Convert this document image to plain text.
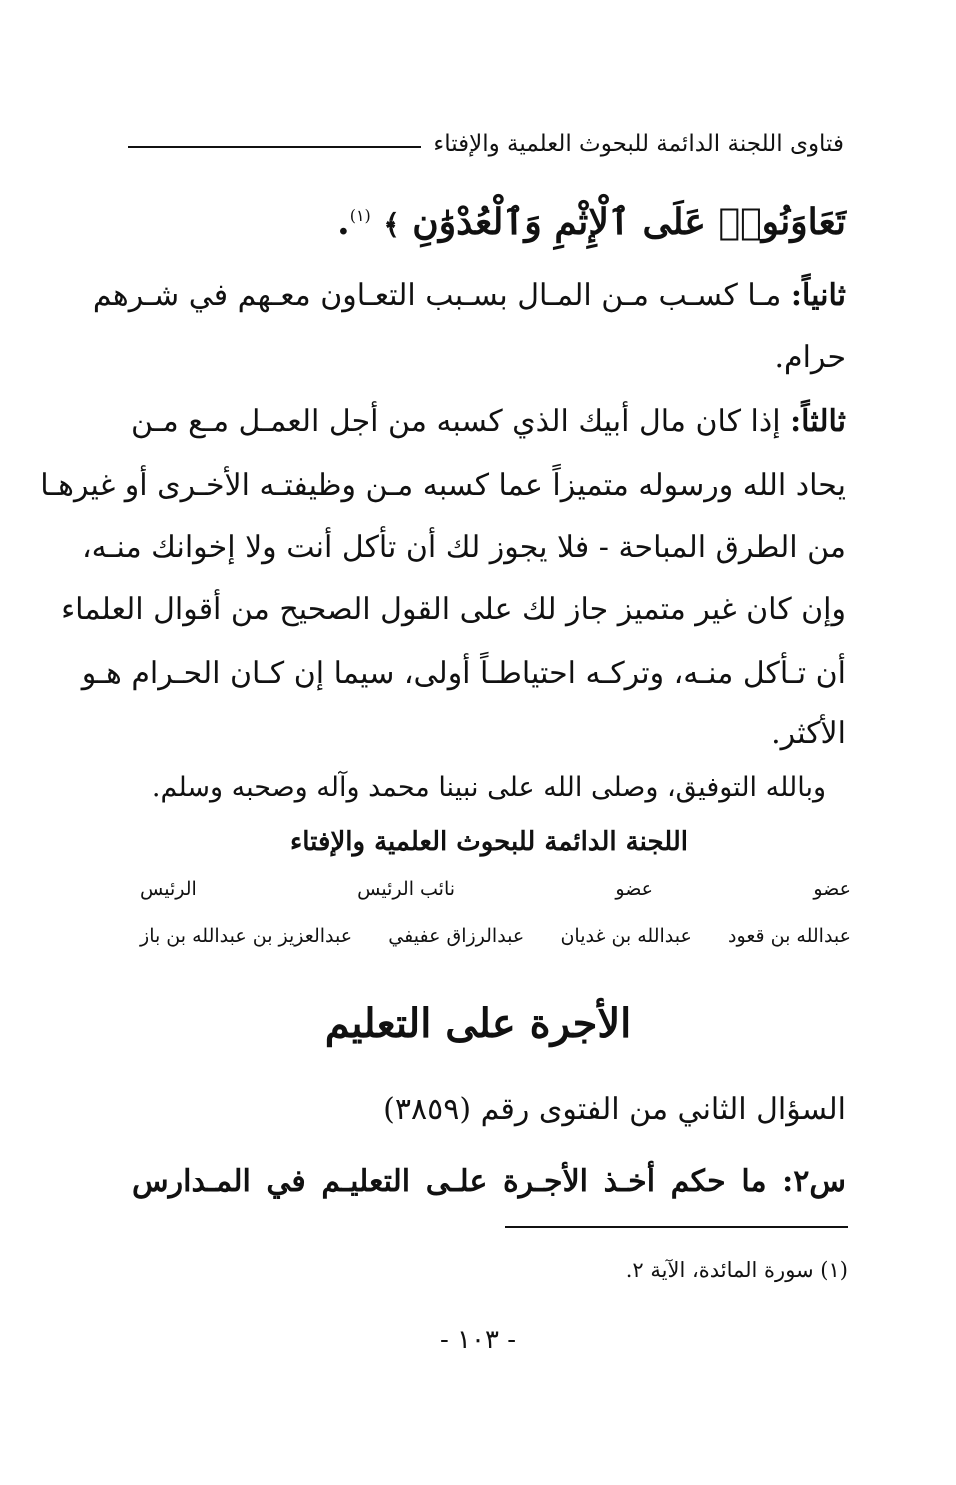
فتاوى اللجنة الدائمة للبحوث العلمية والإفتاء
تَعَاوَنُوا۟ عَلَى ٱلْإِثْمِ وَٱلْعُدْوَٰنِ ﴾ $^{(١)}$.
ثانياً: مـا كسـب مـن المـال بسـبب التعـاون معـهم في شـرهم
حرام.
ثالثاً: إذا كان مال أبيك الذي كسبه من أجل العمـل مـع مـن
يحاد الله ورسوله متميزاً عما كسبه مـن وظيفتـه الأخـرى أو غيرهـا
من الطرق المباحة - فلا يجوز لك أن تأكل أنت ولا إخوانك منـه،
وإن كان غير متميز جاز لك على القول الصحيح من أقوال العلماء
أن تـأكل منـه، وتركـه احتياطـاً أولى، سيما إن كـان الحـرام هـو
الأكثر.
وبالله التوفيق، وصلى الله على نبينا محمد وآله وصحبه وسلم.
اللجنة الدائمة للبحوث العلمية والإفتاء
عضو
عضو
نائب الرئيس
الرئيس
عبدالله بن قعود
عبدالله بن غديان
عبدالرزاق عفيفي
عبدالعزيز بن عبدالله بن باز
الأجرة على التعليم
السؤال الثاني من الفتوى رقم (٣٨٥٩)
س٢: ما حكم أخـذ الأجـرة علـى التعليـم في المـدارس
(١) سورة المائدة، الآية ٢.
- ١٠٣ -
